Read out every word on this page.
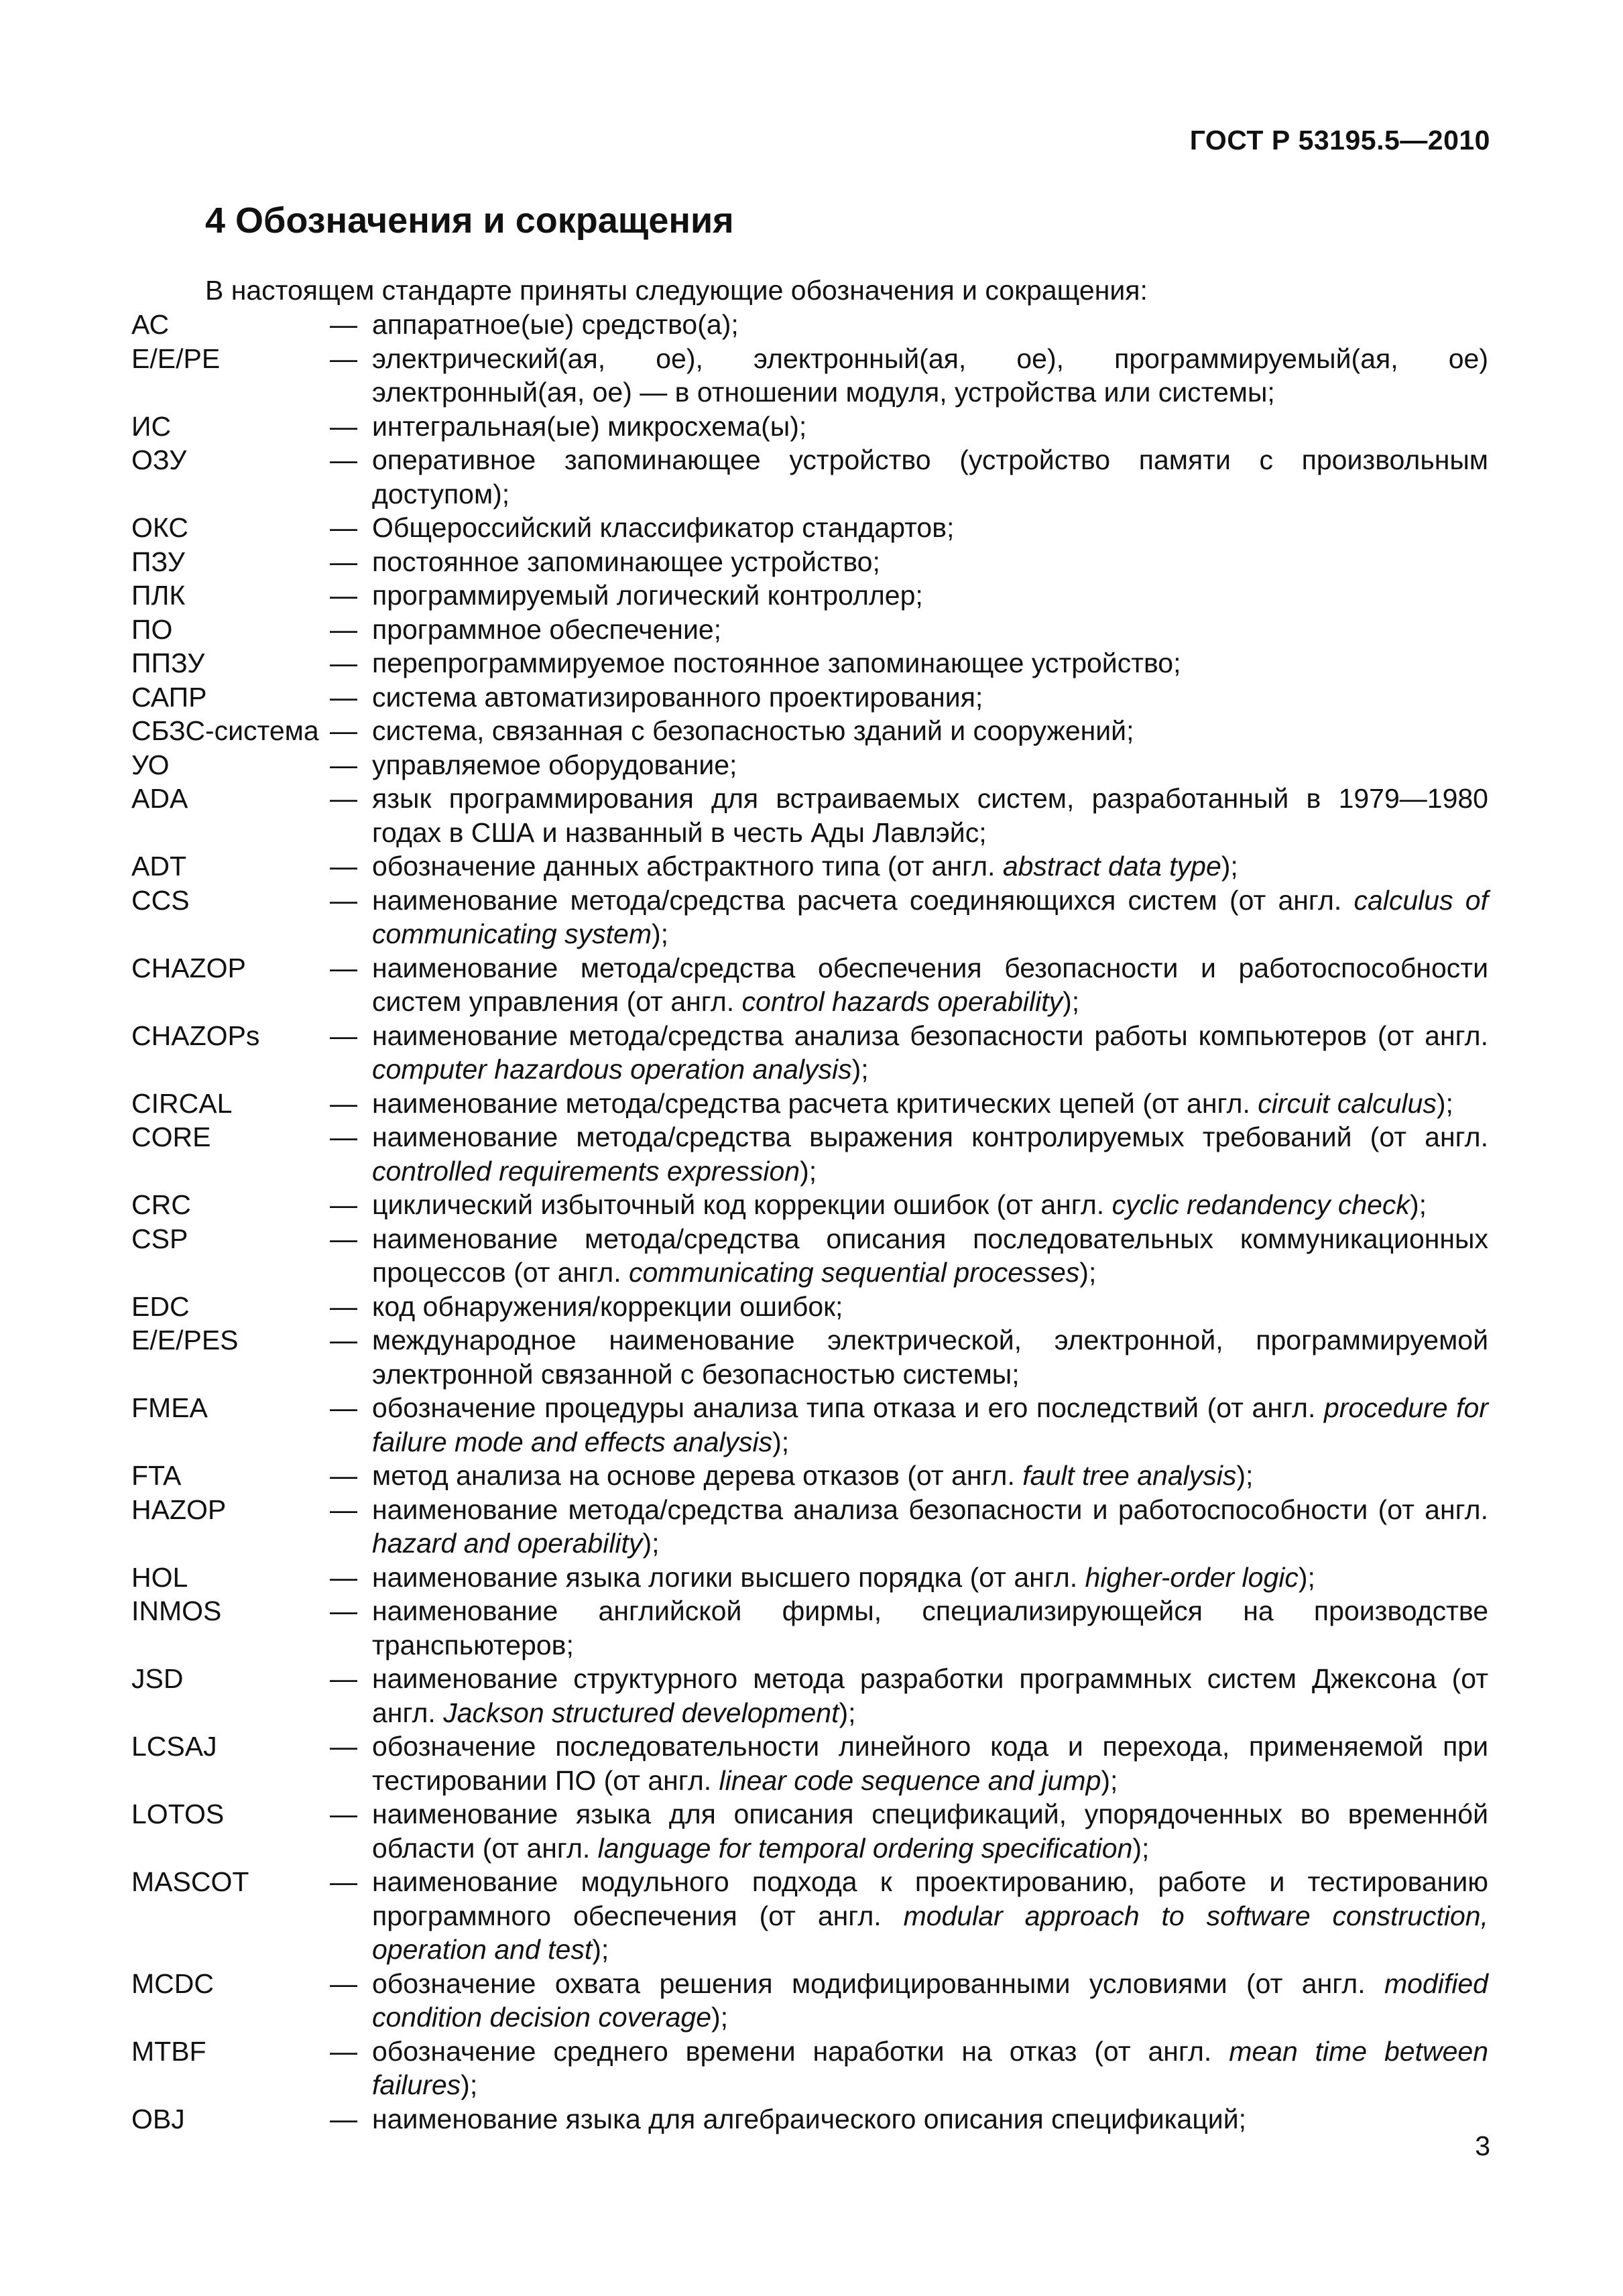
ГОСТ Р 53195.5—2010
4 Обозначения и сокращения
В настоящем стандарте приняты следующие обозначения и сокращения:
АС	— аппаратное(ые) средство(а);
Е/Е/РЕ	— электрический(ая, ое), электронный(ая, ое), программируемый(ая, ое) электронный(ая, ое) — в отношении модуля, устройства или системы;
ИС	— интегральная(ые) микросхема(ы);
ОЗУ	— оперативное запоминающее устройство (устройство памяти с произвольным доступом);
ОКС	— Общероссийский классификатор стандартов;
ПЗУ	— постоянное запоминающее устройство;
ПЛК	— программируемый логический контроллер;
ПО	— программное обеспечение;
ППЗУ	— перепрограммируемое постоянное запоминающее устройство;
САПР	— система автоматизированного проектирования;
СБЗС-система — система, связанная с безопасностью зданий и сооружений;
УО	— управляемое оборудование;
ADA	— язык программирования для встраиваемых систем, разработанный в 1979—1980 годах в США и названный в честь Ады Лавлэйс;
ADT	— обозначение данных абстрактного типа (от англ. abstract data type);
CCS	— наименование метода/средства расчета соединяющихся систем (от англ. calculus of communicating system);
CHAZOP	— наименование метода/средства обеспечения безопасности и работоспособности систем управления (от англ. control hazards operability);
CHAZOPs	— наименование метода/средства анализа безопасности работы компьютеров (от англ. computer hazardous operation analysis);
CIRCAL	— наименование метода/средства расчета критических цепей (от англ. circuit calculus);
CORE	— наименование метода/средства выражения контролируемых требований (от англ. controlled requirements expression);
CRC	— циклический избыточный код коррекции ошибок (от англ. cyclic redandency check);
CSP	— наименование метода/средства описания последовательных коммуникационных процессов (от англ. communicating sequential processes);
EDC	— код обнаружения/коррекции ошибок;
E/E/PES	— международное наименование электрической, электронной, программируемой электронной связанной с безопасностью системы;
FMEA	— обозначение процедуры анализа типа отказа и его последствий (от англ. procedure for failure mode and effects analysis);
FTA	— метод анализа на основе дерева отказов (от англ. fault tree analysis);
HAZOP	— наименование метода/средства анализа безопасности и работоспособности (от англ. hazard and operability);
HOL	— наименование языка логики высшего порядка (от англ. higher-order logic);
INMOS	— наименование английской фирмы, специализирующейся на производстве транспьютеров;
JSD	— наименование структурного метода разработки программных систем Джексона (от англ. Jackson structured development);
LCSAJ	— обозначение последовательности линейного кода и перехода, применяемой при тестировании ПО (от англ. linear code sequence and jump);
LOTOS	— наименование языка для описания спецификаций, упорядоченных во временнóй области (от англ. language for temporal ordering specification);
MASCOT	— наименование модульного подхода к проектированию, работе и тестированию программного обеспечения (от англ. modular approach to software construction, operation and test);
MCDC	— обозначение охвата решения модифицированными условиями (от англ. modified condition decision coverage);
MTBF	— обозначение среднего времени наработки на отказ (от англ. mean time between failures);
OBJ	— наименование языка для алгебраического описания спецификаций;
3
